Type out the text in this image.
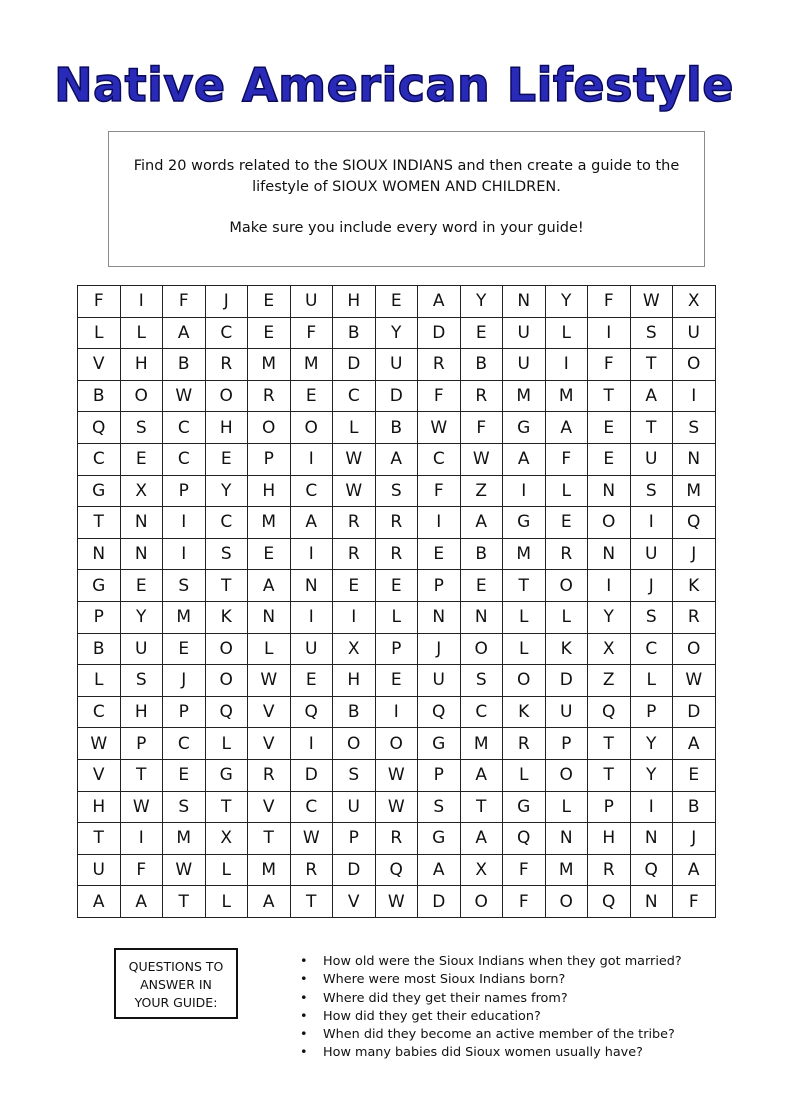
Native American Lifestyle

Find 20 words related to the SIOUX INDIANS and then create a guide to the

lifestyle of SIOUX WOMEN AND CHILDREN.

Make sure you include every word in your guide!

F	I	F	J	E	U	H	E	A	Y	N	Y	F	W	X
L	L	A	C	E	F	B	Y	D	E	U	L	I	S	U
V	H	B	R	M	M	D	U	R	B	U	I	F	T	O
B	O	W	O	R	E	C	D	F	R	M	M	T	A	I
Q	S	C	H	O	O	L	B	W	F	G	A	E	T	S
C	E	C	E	P	I	W	A	C	W	A	F	E	U	N
G	X	P	Y	H	C	W	S	F	Z	I	L	N	S	M
T	N	I	C	M	A	R	R	I	A	G	E	O	I	Q
N	N	I	S	E	I	R	R	E	B	M	R	N	U	J
G	E	S	T	A	N	E	E	P	E	T	O	I	J	K
P	Y	M	K	N	I	I	L	N	N	L	L	Y	S	R
B	U	E	O	L	U	X	P	J	O	L	K	X	C	O
L	S	J	O	W	E	H	E	U	S	O	D	Z	L	W
C	H	P	Q	V	Q	B	I	Q	C	K	U	Q	P	D
W	P	C	L	V	I	O	O	G	M	R	P	T	Y	A
V	T	E	G	R	D	S	W	P	A	L	O	T	Y	E
H	W	S	T	V	C	U	W	S	T	G	L	P	I	B
T	I	M	X	T	W	P	R	G	A	Q	N	H	N	J
U	F	W	L	M	R	D	Q	A	X	F	M	R	Q	A
A	A	T	L	A	T	V	W	D	O	F	O	Q	N	F
QUESTIONS TO
ANSWER IN
YOUR GUIDE:
• How old were the Sioux Indians when they got married?
• Where were most Sioux Indians born?
• Where did they get their names from?
• How did they get their education?
• When did they become an active member of the tribe?
• How many babies did Sioux women usually have?
